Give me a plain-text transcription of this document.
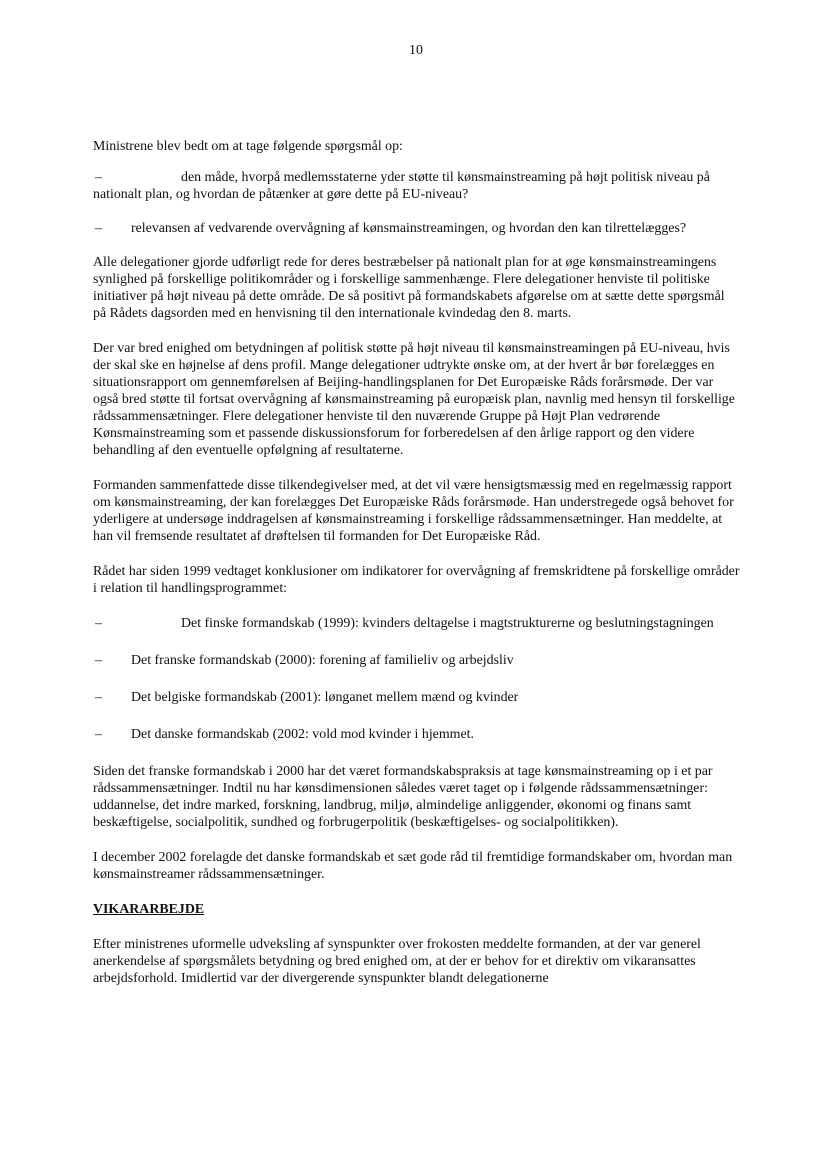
10

Ministrene blev bedt om at tage følgende spørgsmål op:

–	den måde, hvorpå medlemsstaterne yder støtte til kønsmainstreaming på højt politisk niveau på nationalt plan, og hvordan de påtænker at gøre dette på EU-niveau?
– relevansen af vedvarende overvågning af kønsmainstreamingen, og hvordan den kan tilrettelægges?

Alle delegationer gjorde udførligt rede for deres bestræbelser på nationalt plan for at øge kønsmainstreamingens synlighed på forskellige politikområder og i forskellige sammenhænge. Flere delegationer henviste til politiske initiativer på højt niveau på dette område. De så positivt på formandskabets afgørelse om at sætte dette spørgsmål på Rådets dagsorden med en henvisning til den internationale kvindedag den 8. marts.

Der var bred enighed om betydningen af politisk støtte på højt niveau til kønsmainstreamingen på EU-niveau, hvis der skal ske en højnelse af dens profil. Mange delegationer udtrykte ønske om, at der hvert år bør forelægges en situationsrapport om gennemførelsen af Beijing-handlingsplanen for Det Europæiske Råds forårsmøde. Der var også bred støtte til fortsat overvågning af kønsmainstreaming på europæisk plan, navnlig med hensyn til forskellige rådssammensætninger. Flere delegationer henviste til den nuværende Gruppe på Højt Plan vedrørende Kønsmainstreaming som et passende diskussionsforum for forberedelsen af den årlige rapport og den videre behandling af den eventuelle opfølgning af resultaterne.

Formanden sammenfattede disse tilkendegivelser med, at det vil være hensigtsmæssig med en regelmæssig rapport om kønsmainstreaming, der kan forelægges Det Europæiske Råds forårsmøde. Han understregede også behovet for yderligere at undersøge inddragelsen af kønsmainstreaming i forskellige rådssammensætninger. Han meddelte, at han vil fremsende resultatet af drøftelsen til formanden for Det Europæiske Råd.

Rådet har siden 1999 vedtaget konklusioner om indikatorer for overvågning af fremskridtene på forskellige områder i relation til handlingsprogrammet:

–	Det finske formandskab (1999): kvinders deltagelse i magtstrukturerne og beslutningstagningen
– Det franske formandskab (2000): forening af familieliv og arbejdsliv
– Det belgiske formandskab (2001): lønganet mellem mænd og kvinder
– Det danske formandskab (2002: vold mod kvinder i hjemmet.

Siden det franske formandskab i 2000 har det været formandskabspraksis at tage kønsmainstreaming op i et par rådssammensætninger. Indtil nu har kønsdimensionen således været taget op i følgende rådssammensætninger: uddannelse, det indre marked, forskning, landbrug, miljø, almindelige anliggender, økonomi og finans samt beskæftigelse, socialpolitik, sundhed og forbrugerpolitik (beskæftigelses- og socialpolitikken).

I december 2002 forelagde det danske formandskab et sæt gode råd til fremtidige formandskaber om, hvordan man kønsmainstreamer rådssammensætninger.

VIKARARBEJDE

Efter ministrenes uformelle udveksling af synspunkter over frokosten meddelte formanden, at der var generel anerkendelse af spørgsmålets betydning og bred enighed om, at der er behov for et direktiv om vikaransattes arbejdsforhold. Imidlertid var der divergerende synspunkter blandt delegationerne
